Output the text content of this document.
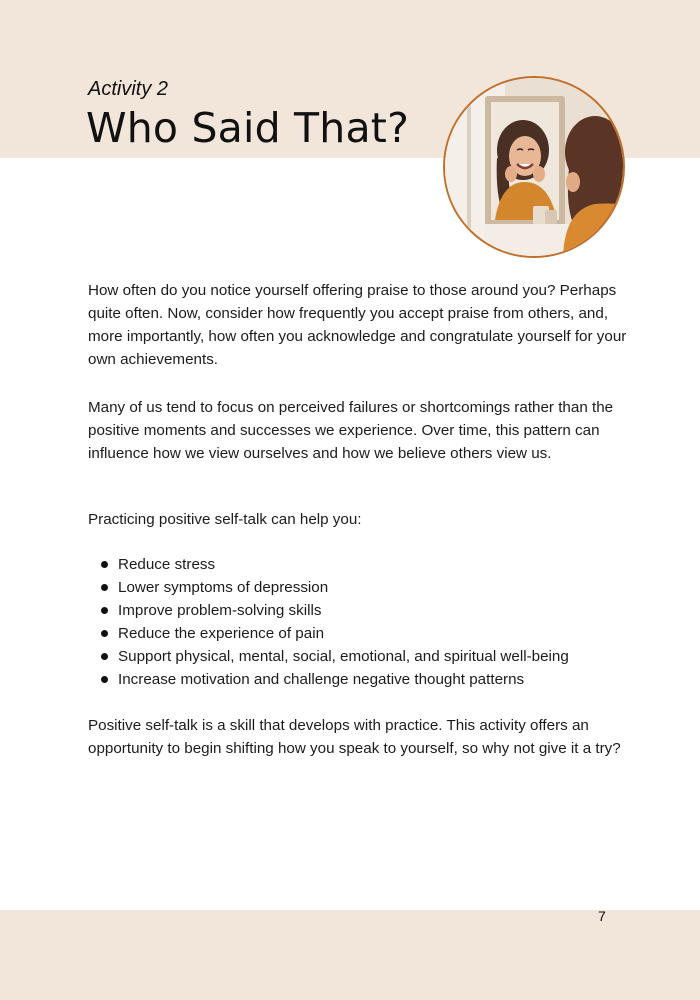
Activity 2
Who Said That?

How often do you notice yourself offering praise to those around you? Perhaps quite often. Now, consider how frequently you accept praise from others, and, more importantly, how often you acknowledge and congratulate yourself for your own achievements.

Many of us tend to focus on perceived failures or shortcomings rather than the positive moments and successes we experience. Over time, this pattern can influence how we view ourselves and how we believe others view us.

Practicing positive self-talk can help you:

Reduce stress
Lower symptoms of depression
Improve problem-solving skills
Reduce the experience of pain
Support physical, mental, social, emotional, and spiritual well-being
Increase motivation and challenge negative thought patterns

Positive self-talk is a skill that develops with practice. This activity offers an opportunity to begin shifting how you speak to yourself, so why not give it a try?

7
